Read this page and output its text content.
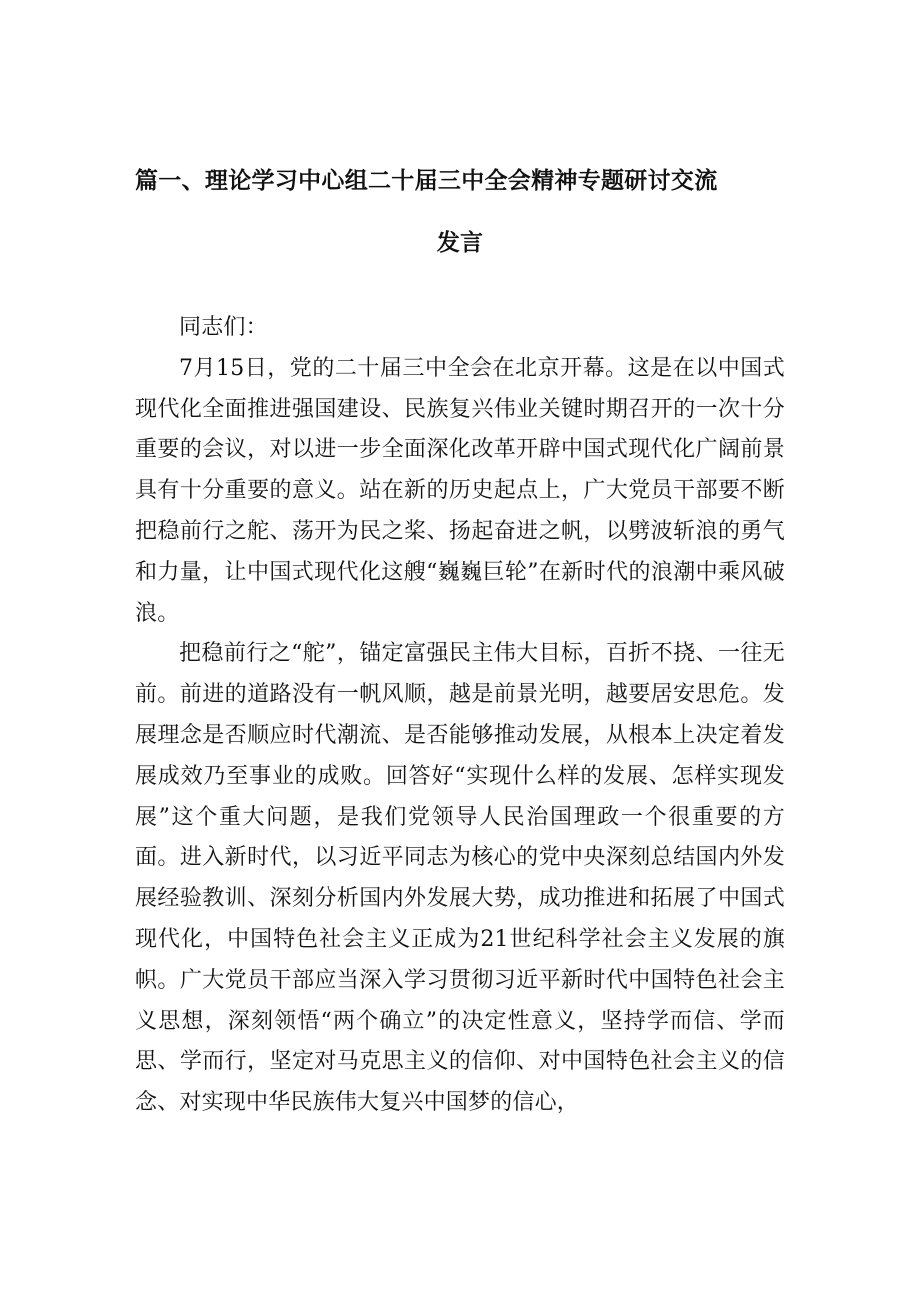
篇一、理论学习中心组二十届三中全会精神专题研讨交流
发言

同志们：

7月15日，党的二十届三中全会在北京开幕。这是在以中国式现代化全面推进强国建设、民族复兴伟业关键时期召开的一次十分重要的会议，对以进一步全面深化改革开辟中国式现代化广阔前景具有十分重要的意义。站在新的历史起点上，广大党员干部要不断把稳前行之舵、荡开为民之桨、扬起奋进之帆，以劈波斩浪的勇气和力量，让中国式现代化这艘“巍巍巨轮”在新时代的浪潮中乘风破浪。

把稳前行之“舵”，锚定富强民主伟大目标，百折不挠、一往无前。前进的道路没有一帆风顺，越是前景光明，越要居安思危。发展理念是否顺应时代潮流、是否能够推动发展，从根本上决定着发展成效乃至事业的成败。回答好“实现什么样的发展、怎样实现发展”这个重大问题，是我们党领导人民治国理政一个很重要的方面。进入新时代，以习近平同志为核心的党中央深刻总结国内外发展经验教训、深刻分析国内外发展大势，成功推进和拓展了中国式现代化，中国特色社会主义正成为21世纪科学社会主义发展的旗帜。广大党员干部应当深入学习贯彻习近平新时代中国特色社会主义思想，深刻领悟“两个确立”的决定性意义，坚持学而信、学而思、学而行，坚定对马克思主义的信仰、对中国特色社会主义的信念、对实现中华民族伟大复兴中国梦的信心，
